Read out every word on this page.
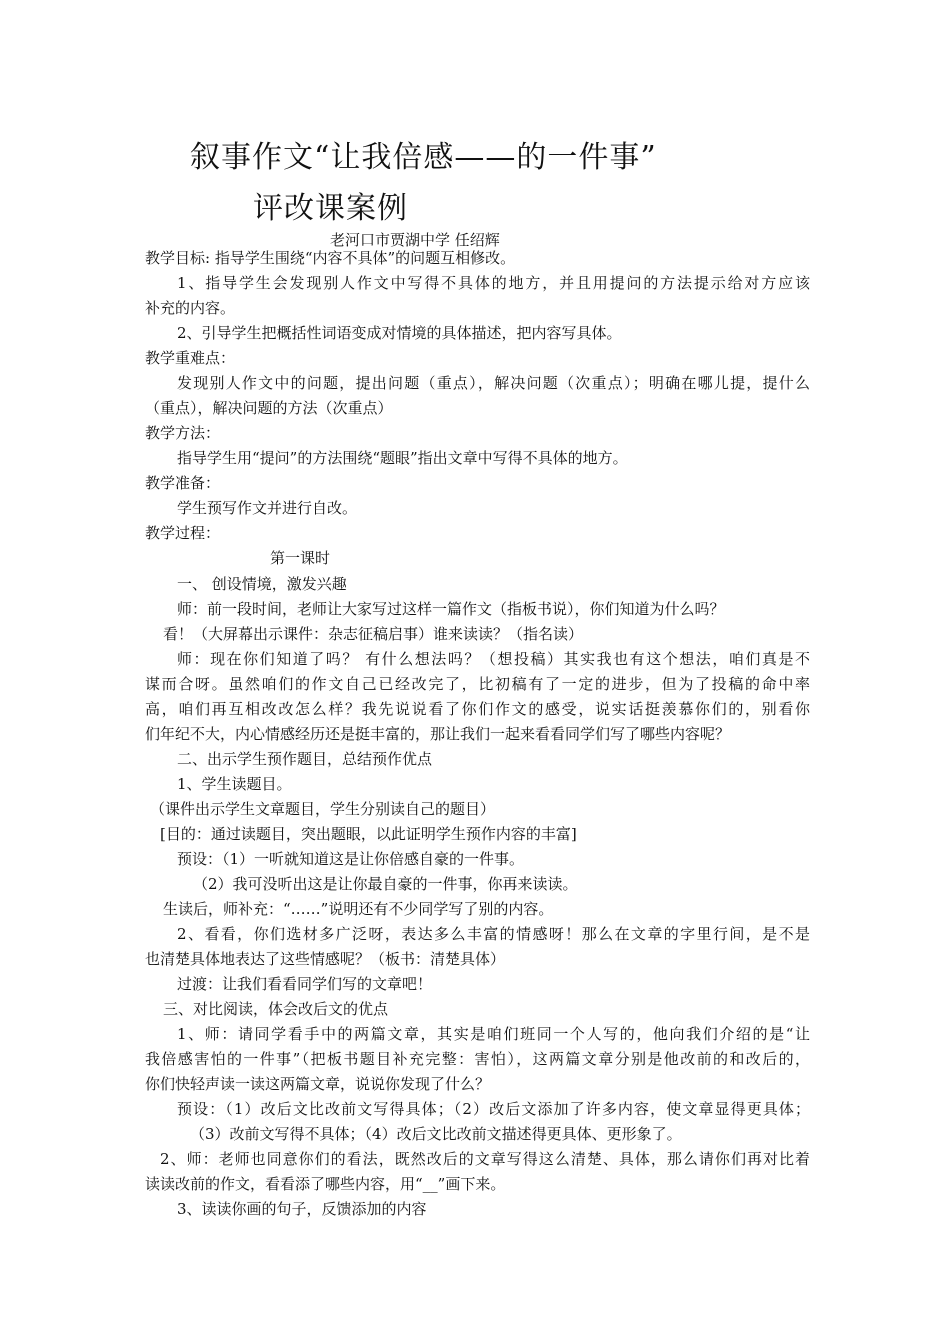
叙事作文“让我倍感——的一件事”
评改课案例
老河口市贾湖中学 任绍辉
教学目标: 指导学生围绕“内容不具体”的问题互相修改。
1、指导学生会发现别人作文中写得不具体的地方，并且用提问的方法提示给对方应该
补充的内容。
2、引导学生把概括性词语变成对情境的具体描述，把内容写具体。
教学重难点：
发现别人作文中的问题，提出问题（重点），解决问题（次重点）；明确在哪儿提，提什么
（重点），解决问题的方法（次重点）
教学方法：
指导学生用“提问”的方法围绕“题眼”指出文章中写得不具体的地方。
教学准备：
学生预写作文并进行自改。
教学过程：
第一课时
一、 创设情境，激发兴趣
师：前一段时间，老师让大家写过这样一篇作文（指板书说），你们知道为什么吗？
看！（大屏幕出示课件：杂志征稿启事）谁来读读？（指名读）
师：现在你们知道了吗？ 有什么想法吗？（想投稿）其实我也有这个想法，咱们真是不
谋而合呀。虽然咱们的作文自己已经改完了，比初稿有了一定的进步，但为了投稿的命中率
高，咱们再互相改改怎么样？我先说说看了你们作文的感受，说实话挺羡慕你们的，别看你
们年纪不大，内心情感经历还是挺丰富的，那让我们一起来看看同学们写了哪些内容呢？
二、出示学生预作题目，总结预作优点
1、学生读题目。
（课件出示学生文章题目，学生分别读自己的题目）
[目的：通过读题目，突出题眼，以此证明学生预作内容的丰富]
预设：（1）一听就知道这是让你倍感自豪的一件事。
（2）我可没听出这是让你最自豪的一件事，你再来读读。
生读后，师补充：“……”说明还有不少同学写了别的内容。
2、看看，你们选材多广泛呀，表达多么丰富的情感呀！那么在文章的字里行间，是不是
也清楚具体地表达了这些情感呢？（板书：清楚具体）
过渡：让我们看看同学们写的文章吧！
三、对比阅读，体会改后文的优点
1、师：请同学看手中的两篇文章，其实是咱们班同一个人写的，他向我们介绍的是“让
我倍感害怕的一件事”（把板书题目补充完整：害怕），这两篇文章分别是他改前的和改后的，
你们快轻声读一读这两篇文章，说说你发现了什么？
预设：（1）改后文比改前文写得具体；（2）改后文添加了许多内容，使文章显得更具体；
（3）改前文写得不具体；（4）改后文比改前文描述得更具体、更形象了。
2、师：老师也同意你们的看法，既然改后的文章写得这么清楚、具体，那么请你们再对比着
读读改前的作文，看看添了哪些内容，用“__”画下来。
3、读读你画的句子，反馈添加的内容
